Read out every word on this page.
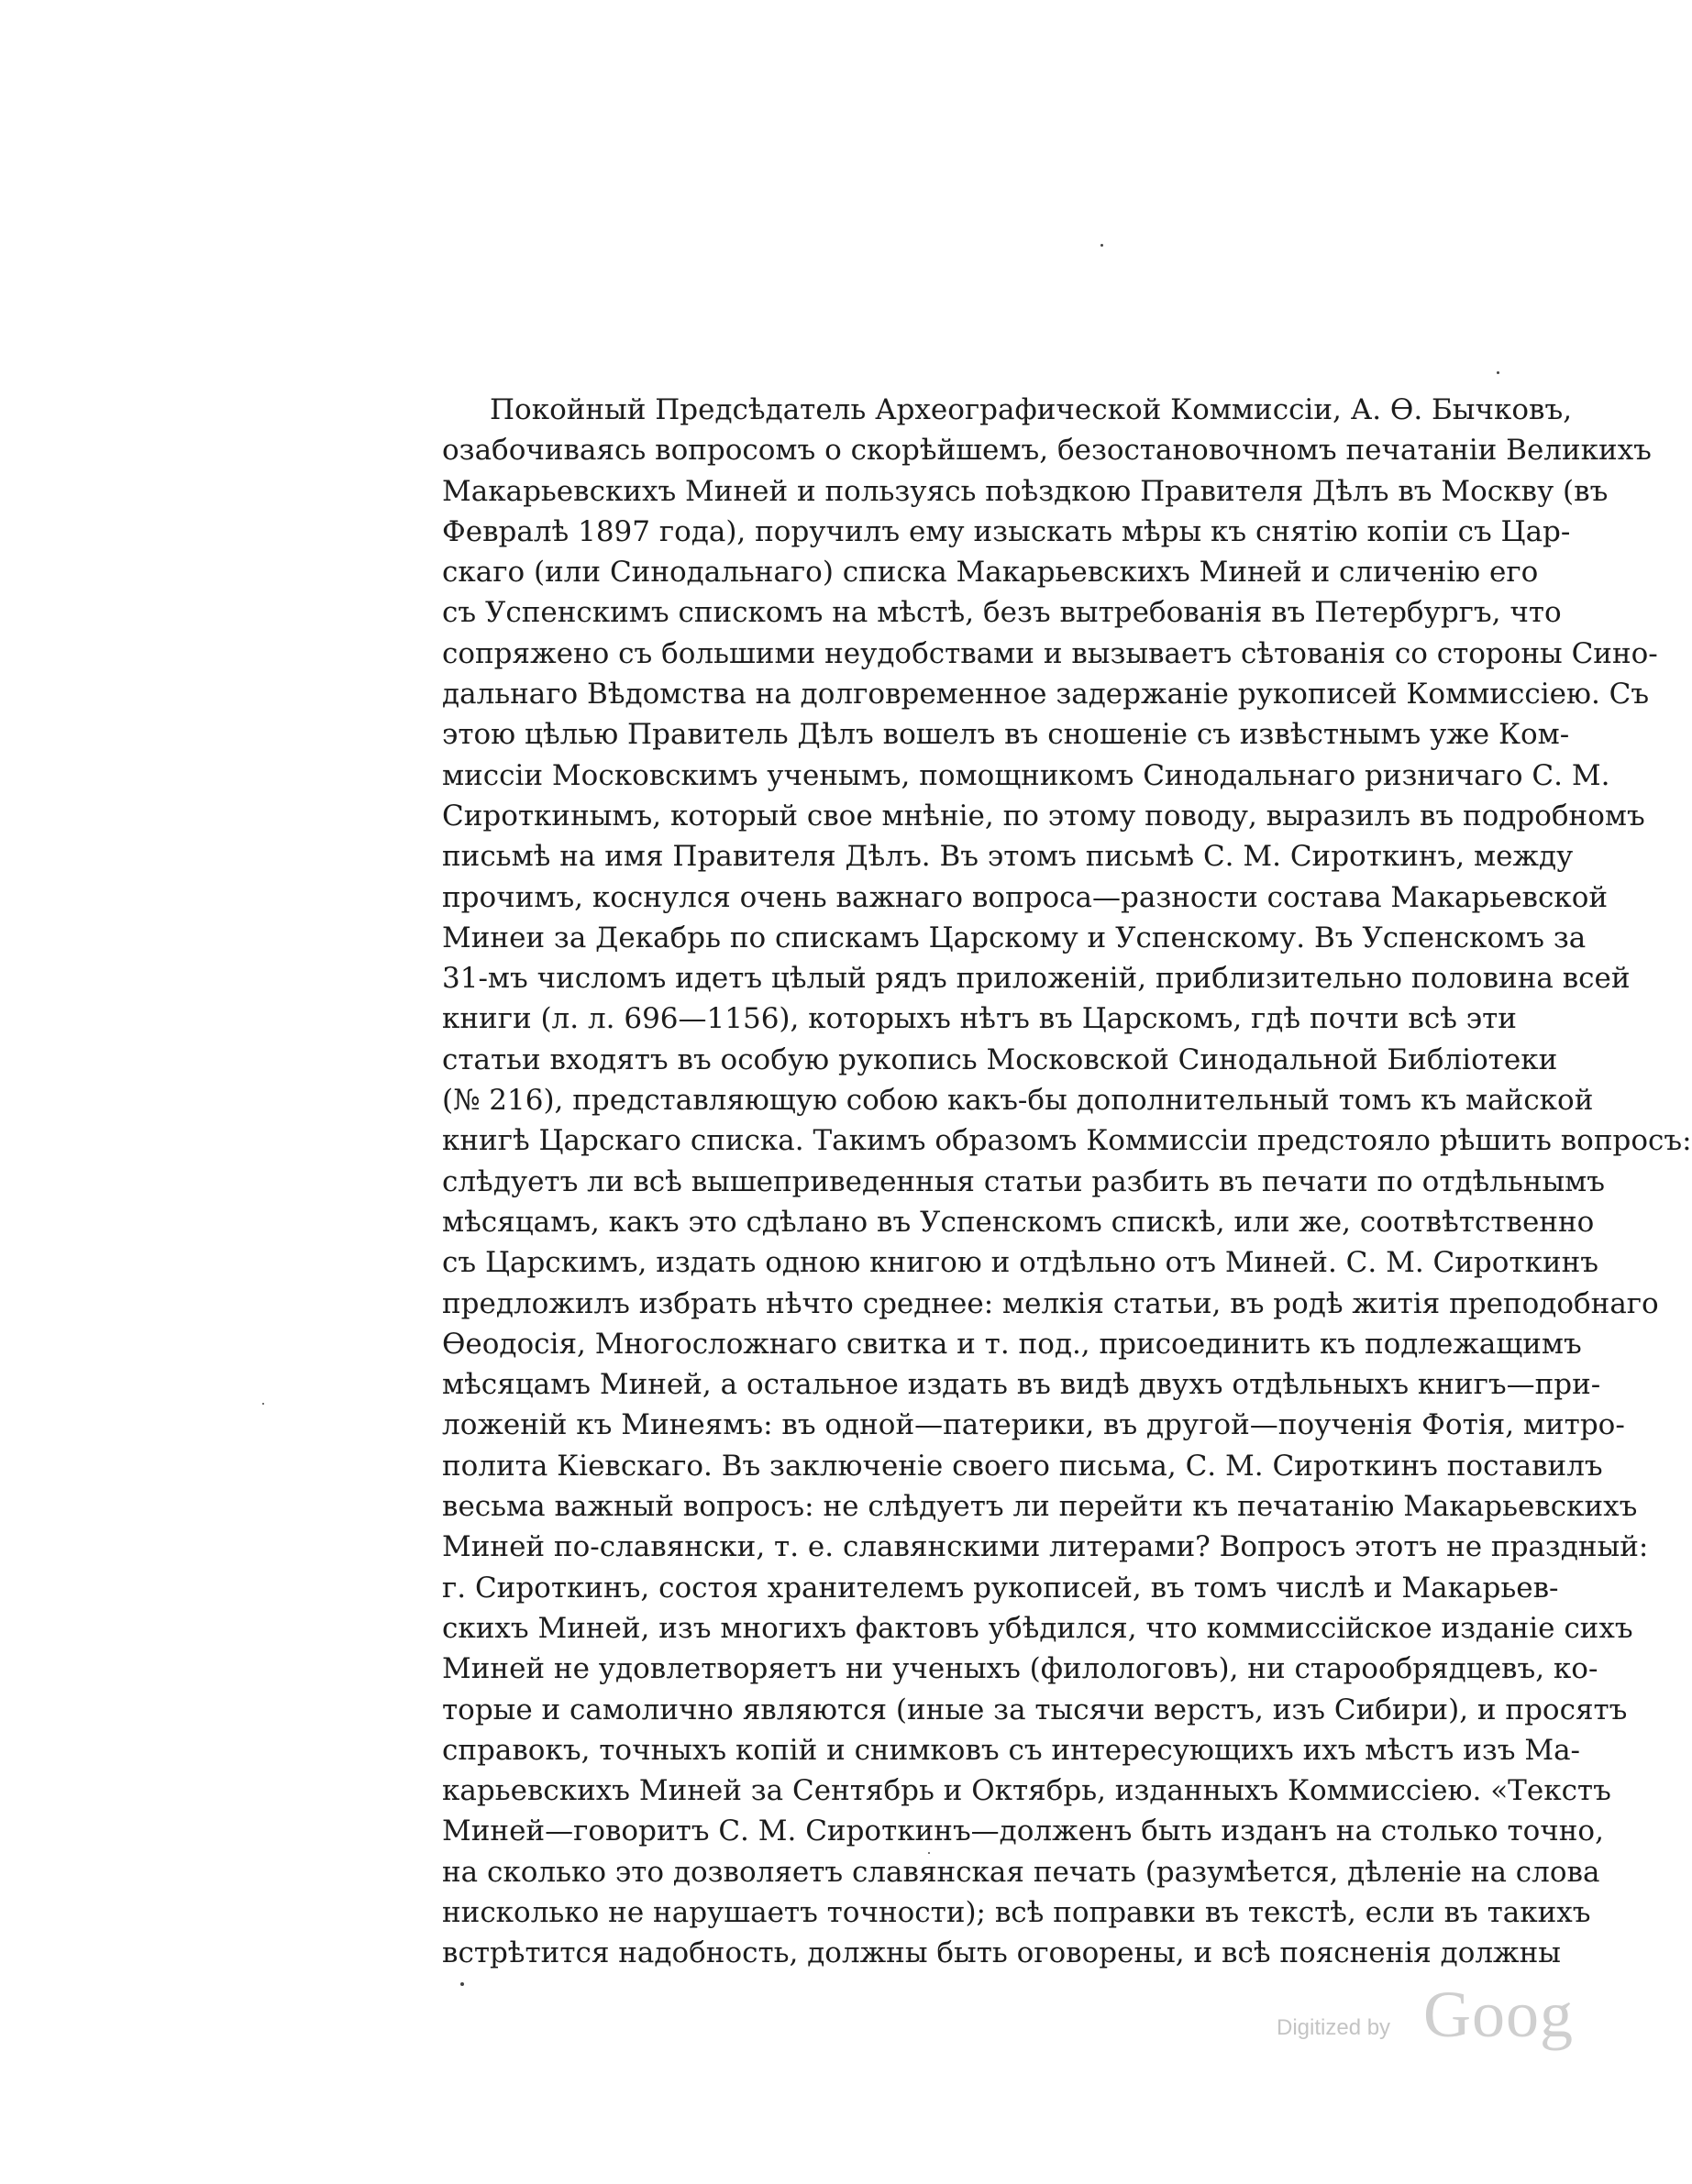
Покойный Предсѣдатель Археографической Коммиссіи, А. Ѳ. Бычковъ,
озабочиваясь вопросомъ о скорѣйшемъ, безостановочномъ печатаніи Великихъ
Макарьевскихъ Миней и пользуясь поѣздкою Правителя Дѣлъ въ Москву (въ
Февралѣ 1897 года), поручилъ ему изыскать мѣры къ снятію копіи съ Цар-
скаго (или Синодальнаго) списка Макарьевскихъ Миней и сличенію его
съ Успенскимъ спискомъ на мѣстѣ, безъ вытребованія въ Петербургъ, что
сопряжено съ большими неудобствами и вызываетъ сѣтованія со стороны Сино-
дальнаго Вѣдомства на долговременное задержаніе рукописей Коммиссіею. Съ
этою цѣлью Правитель Дѣлъ вошелъ въ сношеніе съ извѣстнымъ уже Ком-
миссіи Московскимъ ученымъ, помощникомъ Синодальнаго ризничаго С. М.
Сироткинымъ, который свое мнѣніе, по этому поводу, выразилъ въ подробномъ
письмѣ на имя Правителя Дѣлъ. Въ этомъ письмѣ С. М. Сироткинъ, между
прочимъ, коснулся очень важнаго вопроса—разности состава Макарьевской
Минеи за Декабрь по спискамъ Царскому и Успенскому. Въ Успенскомъ за
31-мъ числомъ идетъ цѣлый рядъ приложеній, приблизительно половина всей
книги (л. л. 696—1156), которыхъ нѣтъ въ Царскомъ, гдѣ почти всѣ эти
статьи входятъ въ особую рукопись Московской Синодальной Библіотеки
(№ 216), представляющую собою какъ-бы дополнительный томъ къ майской
книгѣ Царскаго списка. Такимъ образомъ Коммиссіи предстояло рѣшить вопросъ:
слѣдуетъ ли всѣ вышеприведенныя статьи разбить въ печати по отдѣльнымъ
мѣсяцамъ, какъ это сдѣлано въ Успенскомъ спискѣ, или же, соотвѣтственно
съ Царскимъ, издать одною книгою и отдѣльно отъ Миней. С. М. Сироткинъ
предложилъ избрать нѣчто среднее: мелкія статьи, въ родѣ житія преподобнаго
Ѳеодосія, Многосложнаго свитка и т. под., присоединить къ подлежащимъ
мѣсяцамъ Миней, а остальное издать въ видѣ двухъ отдѣльныхъ книгъ—при-
ложеній къ Минеямъ: въ одной—патерики, въ другой—поученія Фотія, митро-
полита Кіевскаго. Въ заключеніе своего письма, С. М. Сироткинъ поставилъ
весьма важный вопросъ: не слѣдуетъ ли перейти къ печатанію Макарьевскихъ
Миней по-славянски, т. е. славянскими литерами? Вопросъ этотъ не праздный:
г. Сироткинъ, состоя хранителемъ рукописей, въ томъ числѣ и Макарьев-
скихъ Миней, изъ многихъ фактовъ убѣдился, что коммиссійское изданіе сихъ
Миней не удовлетворяетъ ни ученыхъ (филологовъ), ни старообрядцевъ, ко-
торые и самолично являются (иные за тысячи верстъ, изъ Сибири), и просятъ
справокъ, точныхъ копій и снимковъ съ интересующихъ ихъ мѣстъ изъ Ма-
карьевскихъ Миней за Сентябрь и Октябрь, изданныхъ Коммиссіею. «Текстъ
Миней—говоритъ С. М. Сироткинъ—долженъ быть изданъ на столько точно,
на сколько это дозволяетъ славянская печать (разумѣется, дѣленіе на слова
нисколько не нарушаетъ точности); всѣ поправки въ текстѣ, если въ такихъ
встрѣтится надобность, должны быть оговорены, и всѣ поясненія должны
Digitized by Goog
